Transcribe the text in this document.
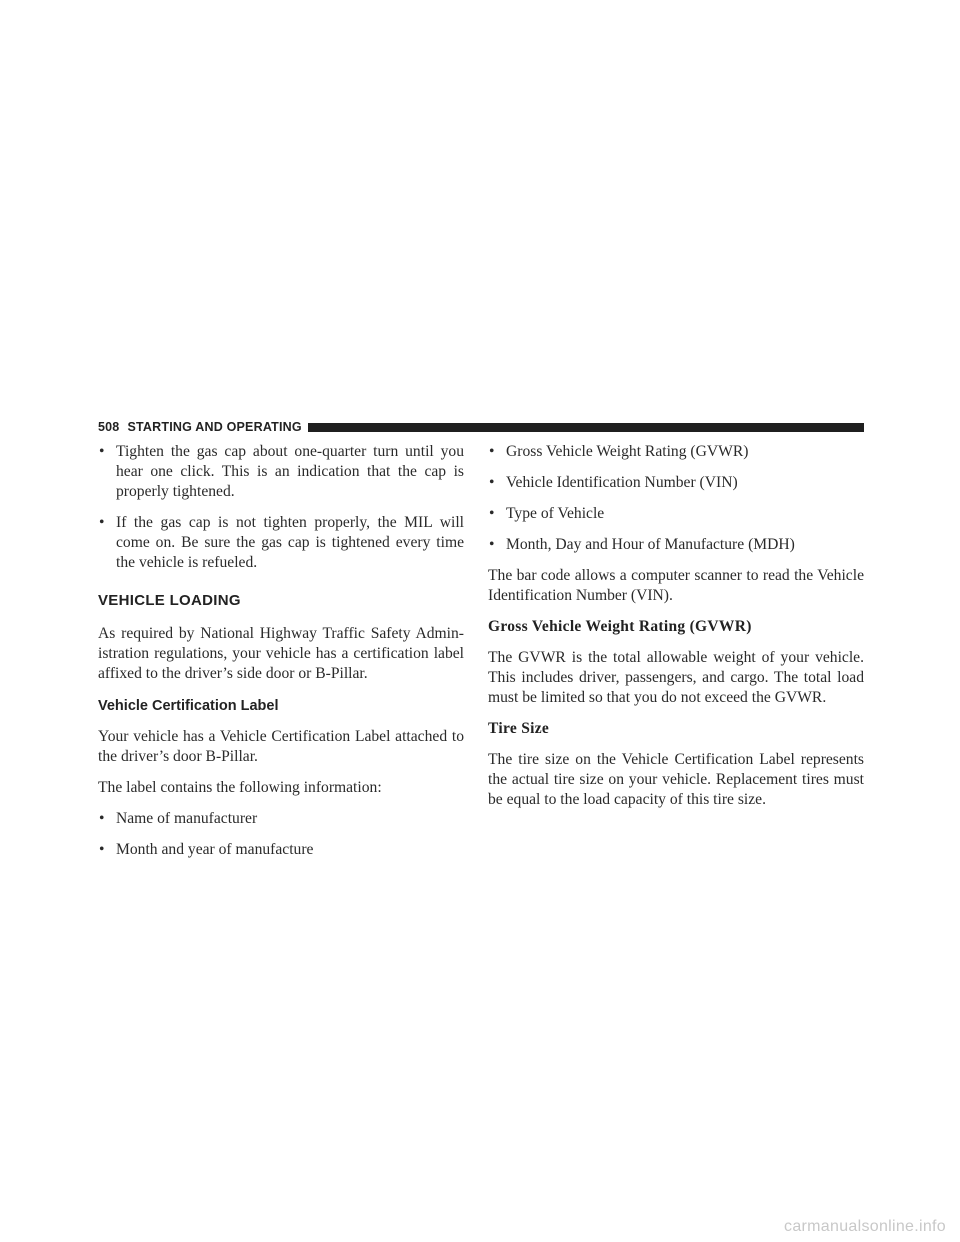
508 STARTING AND OPERATING
• Tighten the gas cap about one-quarter turn until you hear one click. This is an indication that the cap is properly tightened.
• If the gas cap is not tighten properly, the MIL will come on. Be sure the gas cap is tightened every time the vehicle is refueled.
VEHICLE LOADING

As required by National Highway Traffic Safety Admin-istration regulations, your vehicle has a certification label affixed to the driver’s side door or B-Pillar.

Vehicle Certification Label

Your vehicle has a Vehicle Certification Label attached to the driver’s door B-Pillar.

The label contains the following information:

• Name of manufacturer
• Month and year of manufacture
• Gross Vehicle Weight Rating (GVWR)
• Vehicle Identification Number (VIN)
• Type of Vehicle
• Month, Day and Hour of Manufacture (MDH)

The bar code allows a computer scanner to read the Vehicle Identification Number (VIN).

Gross Vehicle Weight Rating (GVWR)

The GVWR is the total allowable weight of your vehicle. This includes driver, passengers, and cargo. The total load must be limited so that you do not exceed the GVWR.

Tire Size

The tire size on the Vehicle Certification Label represents the actual tire size on your vehicle. Replacement tires must be equal to the load capacity of this tire size.

carmanualsonline.info
